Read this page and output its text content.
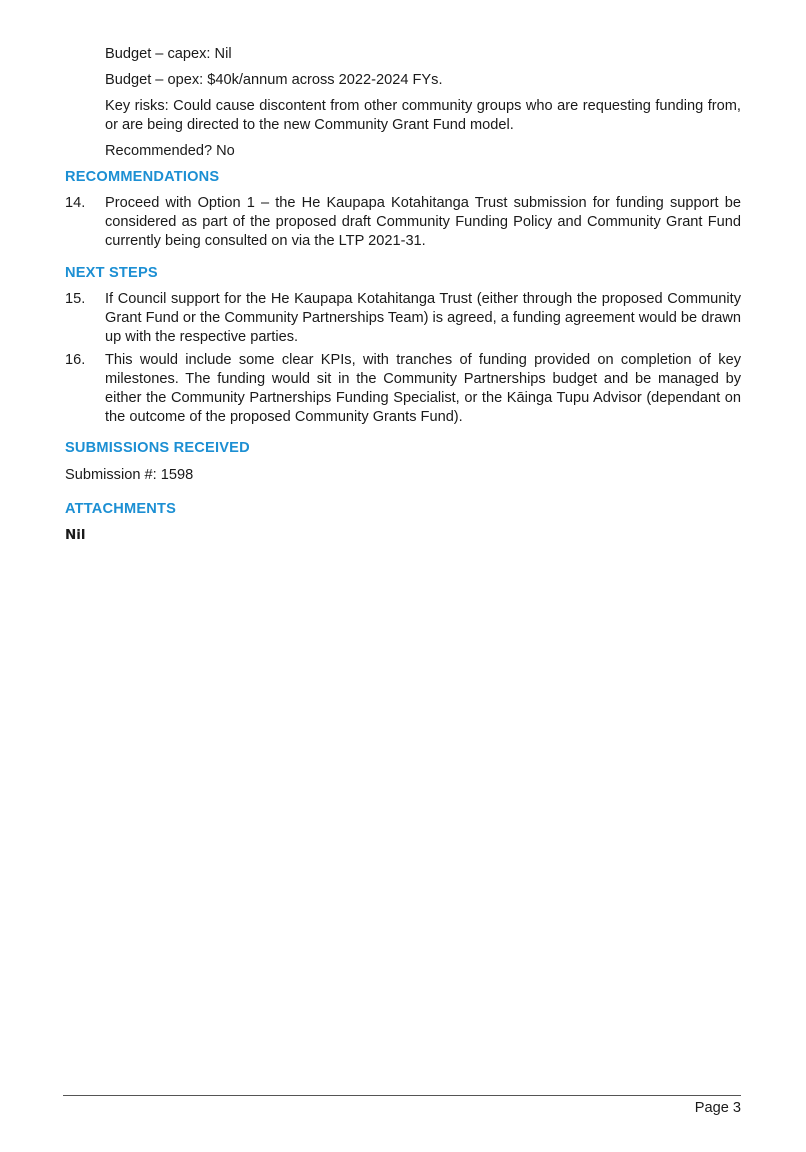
Budget – capex: Nil

Budget – opex: $40k/annum across 2022-2024 FYs.

Key risks: Could cause discontent from other community groups who are requesting funding from, or are being directed to the new Community Grant Fund model.

Recommended? No

RECOMMENDATIONS
14. Proceed with Option 1 – the He Kaupapa Kotahitanga Trust submission for funding support be considered as part of the proposed draft Community Funding Policy and Community Grant Fund currently being consulted on via the LTP 2021-31.

NEXT STEPS
15. If Council support for the He Kaupapa Kotahitanga Trust (either through the proposed Community Grant Fund or the Community Partnerships Team) is agreed, a funding agreement would be drawn up with the respective parties.

16. This would include some clear KPIs, with tranches of funding provided on completion of key milestones. The funding would sit in the Community Partnerships budget and be managed by either the Community Partnerships Funding Specialist, or the Kāinga Tupu Advisor (dependant on the outcome of the proposed Community Grants Fund).

SUBMISSIONS RECEIVED

Submission #: 1598

ATTACHMENTS

Nil

Page 3
